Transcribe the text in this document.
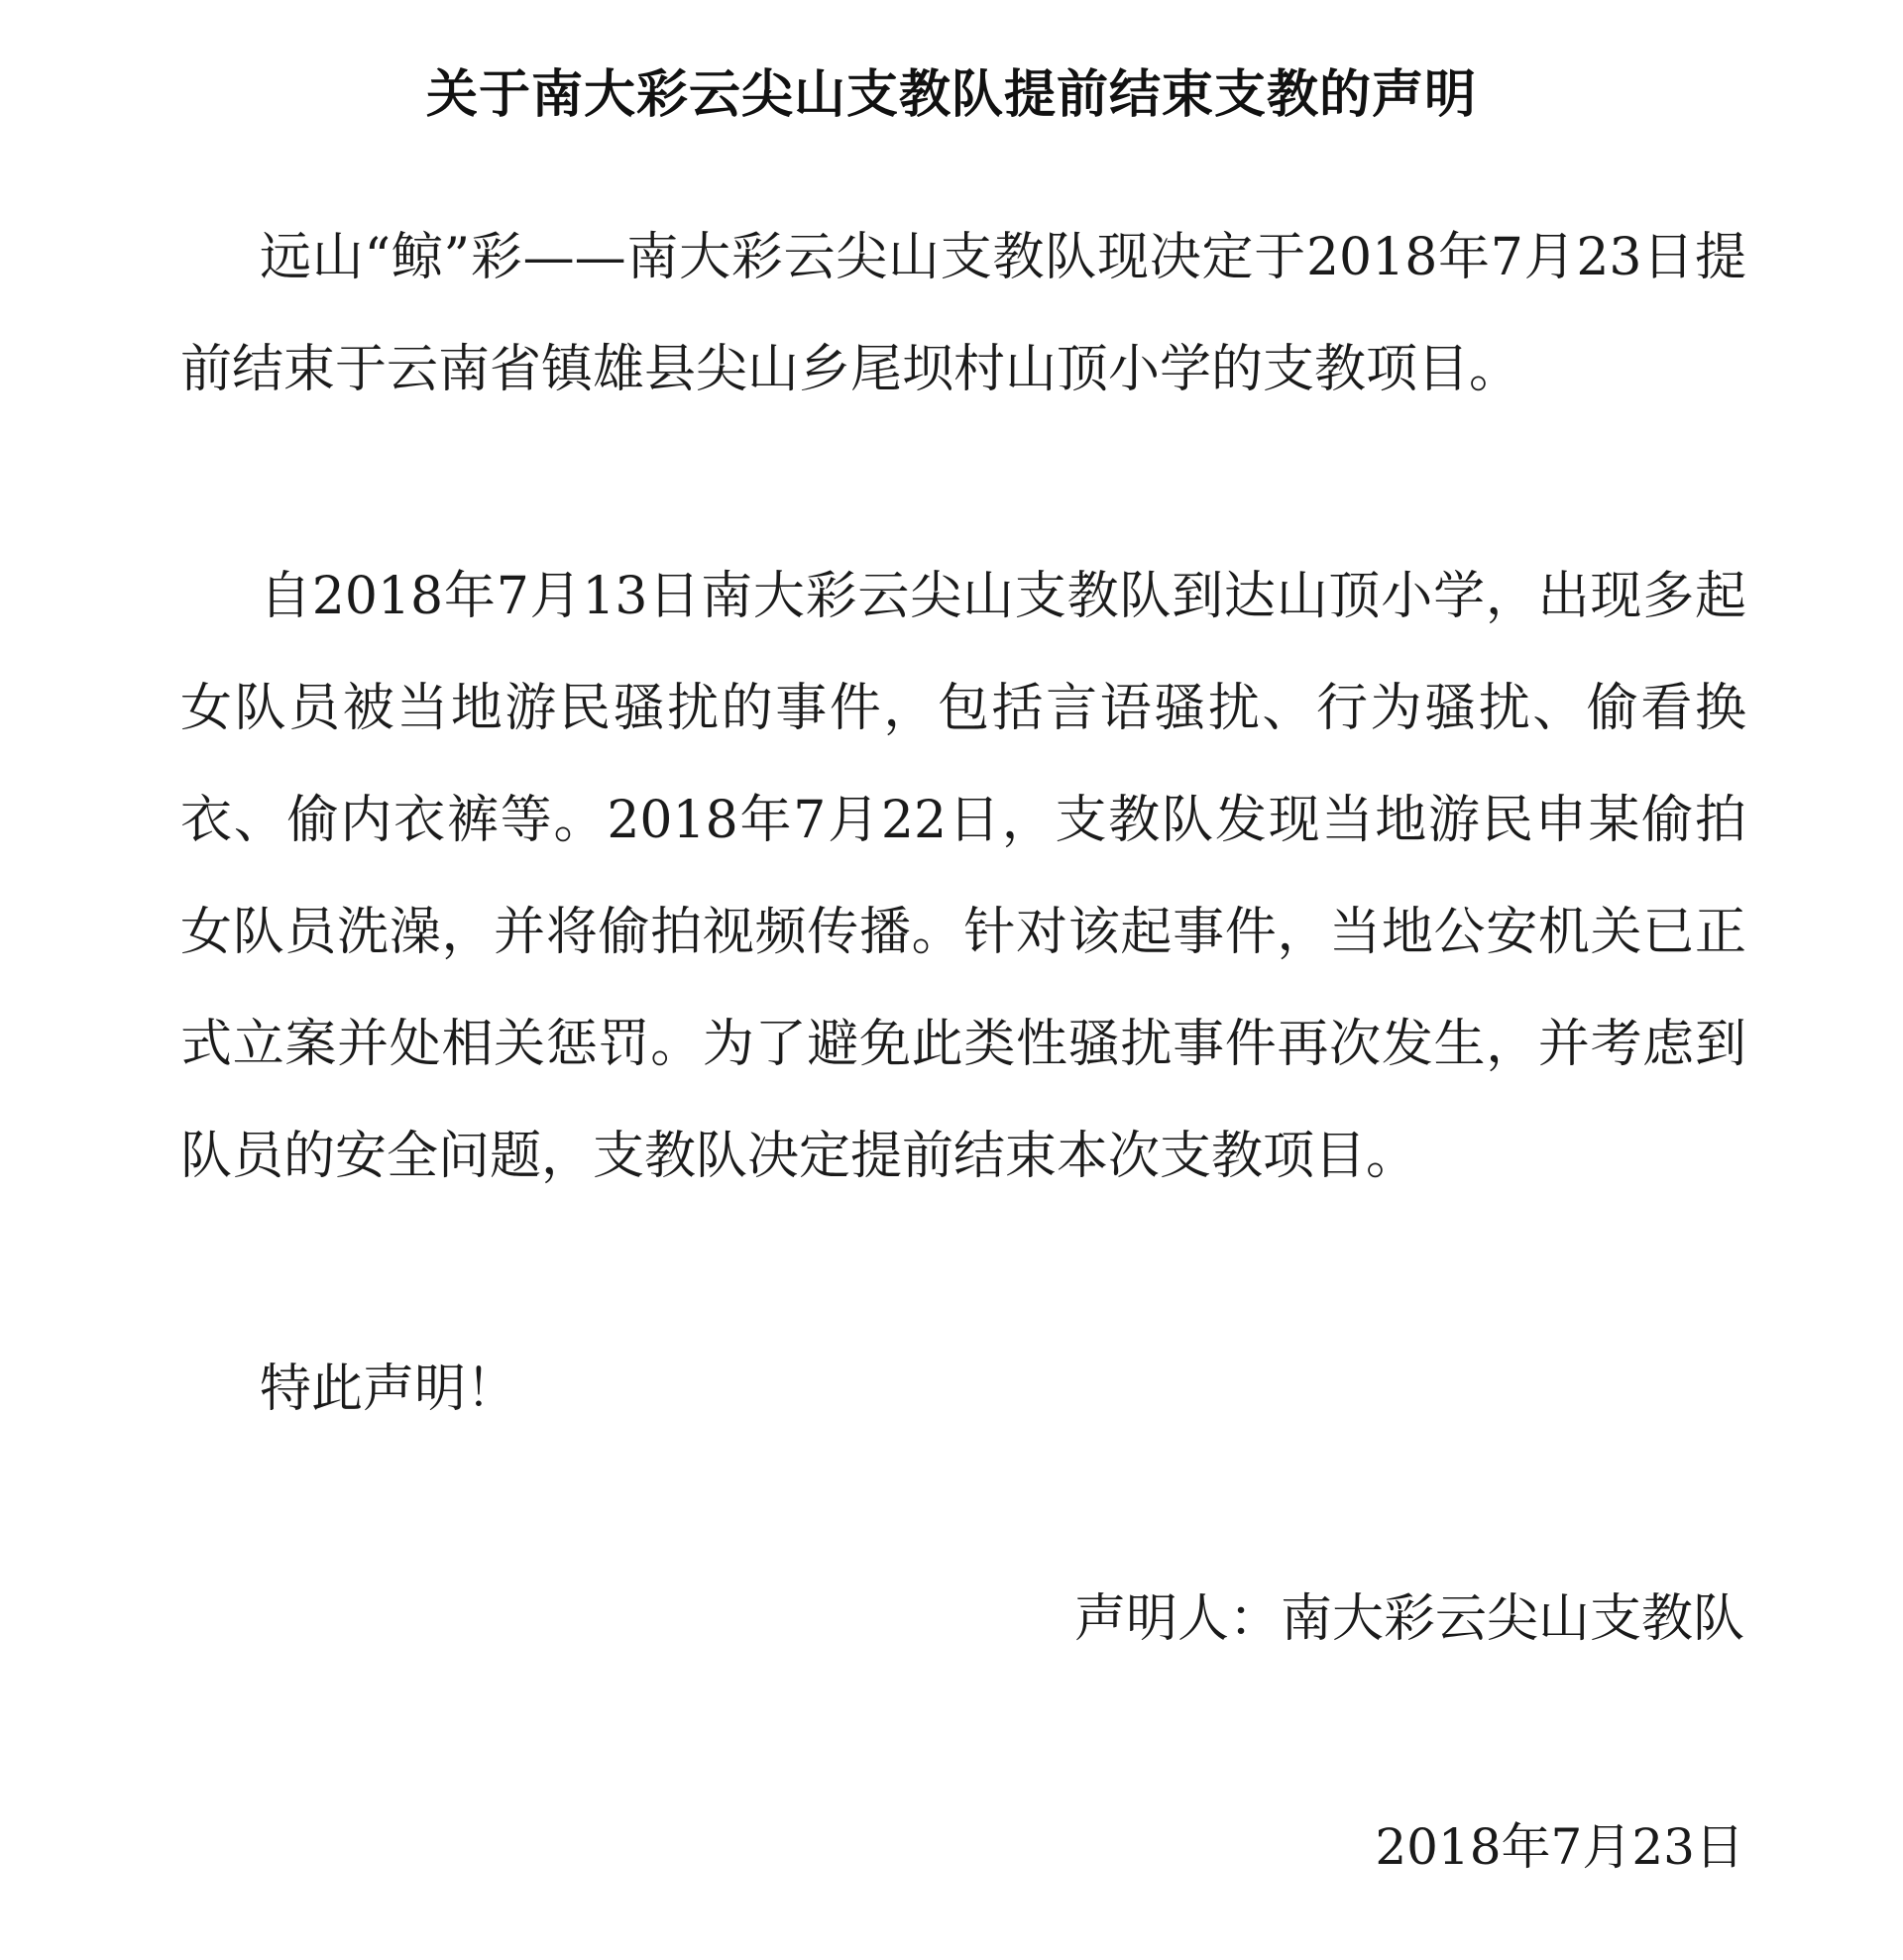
关于南大彩云尖山支教队提前结束支教的声明

远山“鲸”彩——南大彩云尖山支教队现决定于2018年7月23日提前结束于云南省镇雄县尖山乡尾坝村山顶小学的支教项目。

自2018年7月13日南大彩云尖山支教队到达山顶小学，出现多起女队员被当地游民骚扰的事件，包括言语骚扰、行为骚扰、偷看换衣、偷内衣裤等。2018年7月22日，支教队发现当地游民申某偷拍女队员洗澡，并将偷拍视频传播。针对该起事件，当地公安机关已正式立案并处相关惩罚。为了避免此类性骚扰事件再次发生，并考虑到队员的安全问题，支教队决定提前结束本次支教项目。

特此声明！

声明人：南大彩云尖山支教队
2018年7月23日
